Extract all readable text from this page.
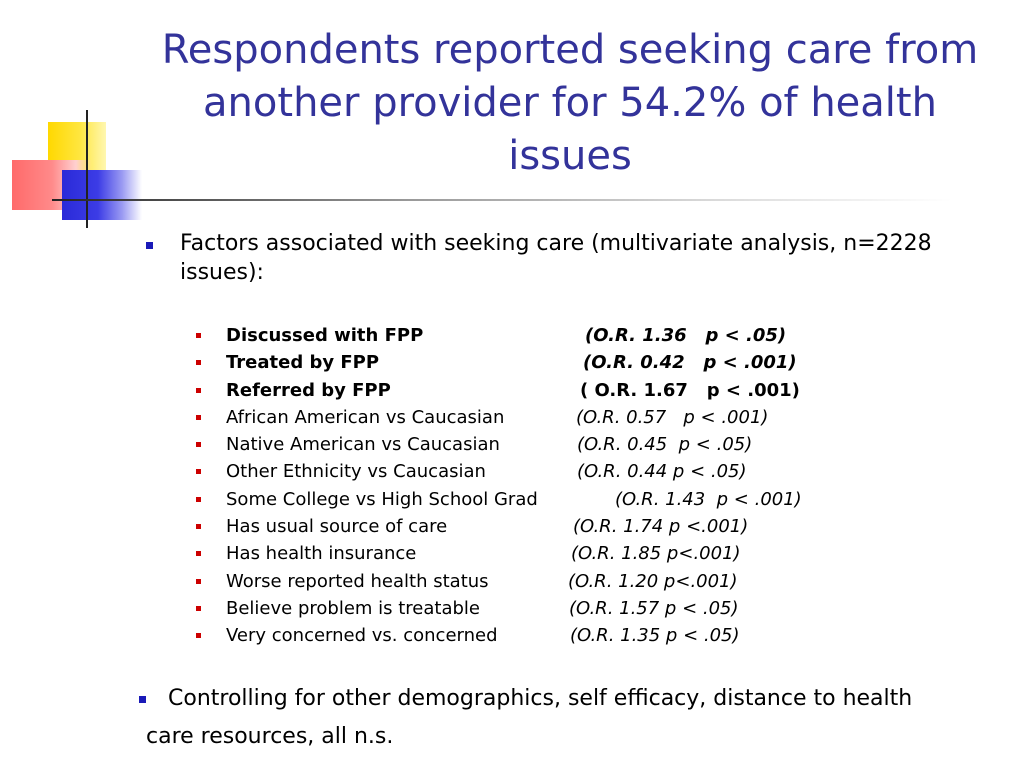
Respondents reported seeking care from another provider for 54.2% of health issues
Factors associated with seeking care (multivariate analysis, n=2228 issues):
Discussed with FPP	(O.R. 1.36   p < .05)
Treated by FPP	(O.R. 0.42   p < .001)
Referred by FPP	( O.R. 1.67   p < .001)
African American vs Caucasian	(O.R. 0.57   p < .001)
Native American vs Caucasian	(O.R. 0.45  p < .05)
Other Ethnicity vs Caucasian	(O.R. 0.44 p < .05)
Some College vs High School Grad	(O.R. 1.43  p < .001)
Has usual source of care	(O.R. 1.74 p <.001)
Has health insurance	(O.R. 1.85 p<.001)
Worse reported health status	(O.R. 1.20 p<.001)
Believe problem is treatable	(O.R. 1.57 p < .05)
Very concerned vs. concerned	(O.R. 1.35 p < .05)
Controlling for other demographics, self efficacy, distance to health care resources, all n.s.
